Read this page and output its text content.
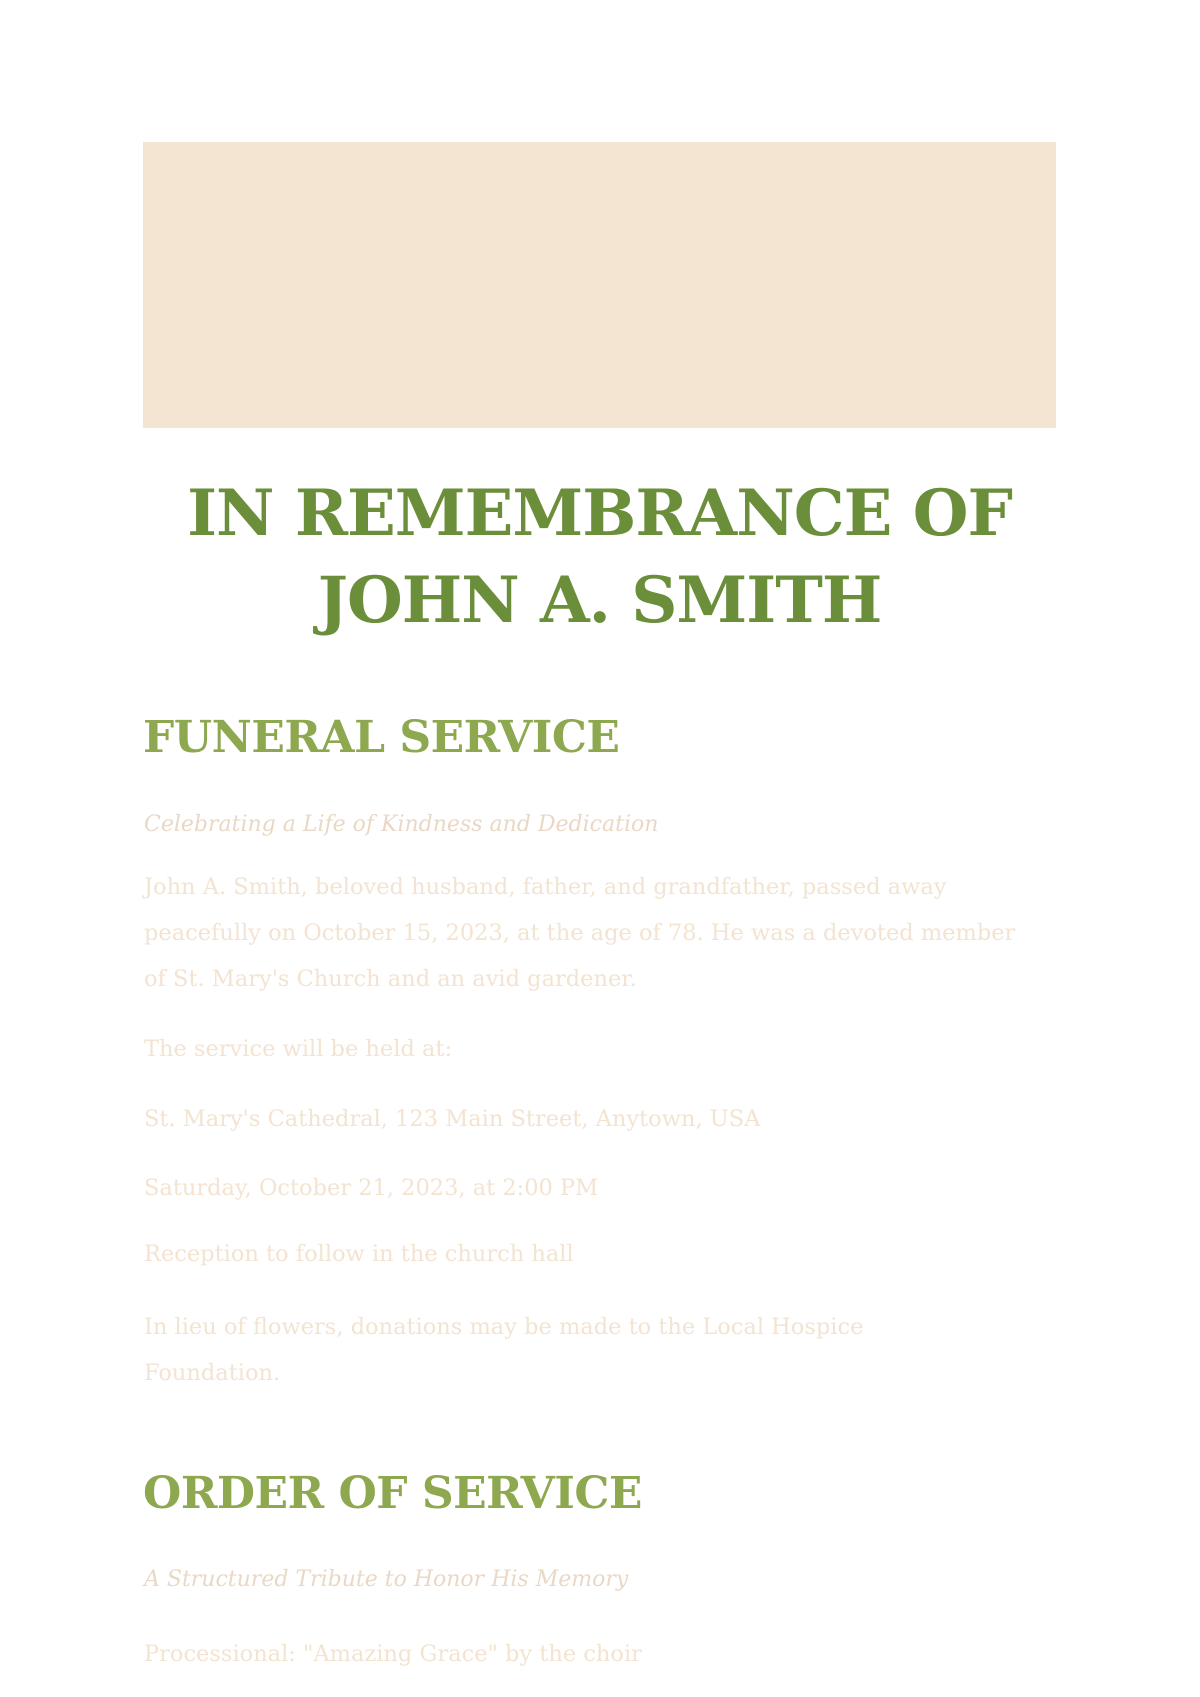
IN REMEMBRANCE OF
JOHN A. SMITH
FUNERAL SERVICE

Celebrating a Life of Kindness and Dedication

John A. Smith, beloved husband, father, and grandfather, passed away peacefully on October 15, 2023, at the age of 78. He was a devoted member of St. Mary's Church and an avid gardener.

The service will be held at:

St. Mary's Cathedral, 123 Main Street, Anytown, USA

Saturday, October 21, 2023, at 2:00 PM

Reception to follow in the church hall

In lieu of flowers, donations may be made to the Local Hospice Foundation.

ORDER OF SERVICE

A Structured Tribute to Honor His Memory

Processional: "Amazing Grace" by the choir
